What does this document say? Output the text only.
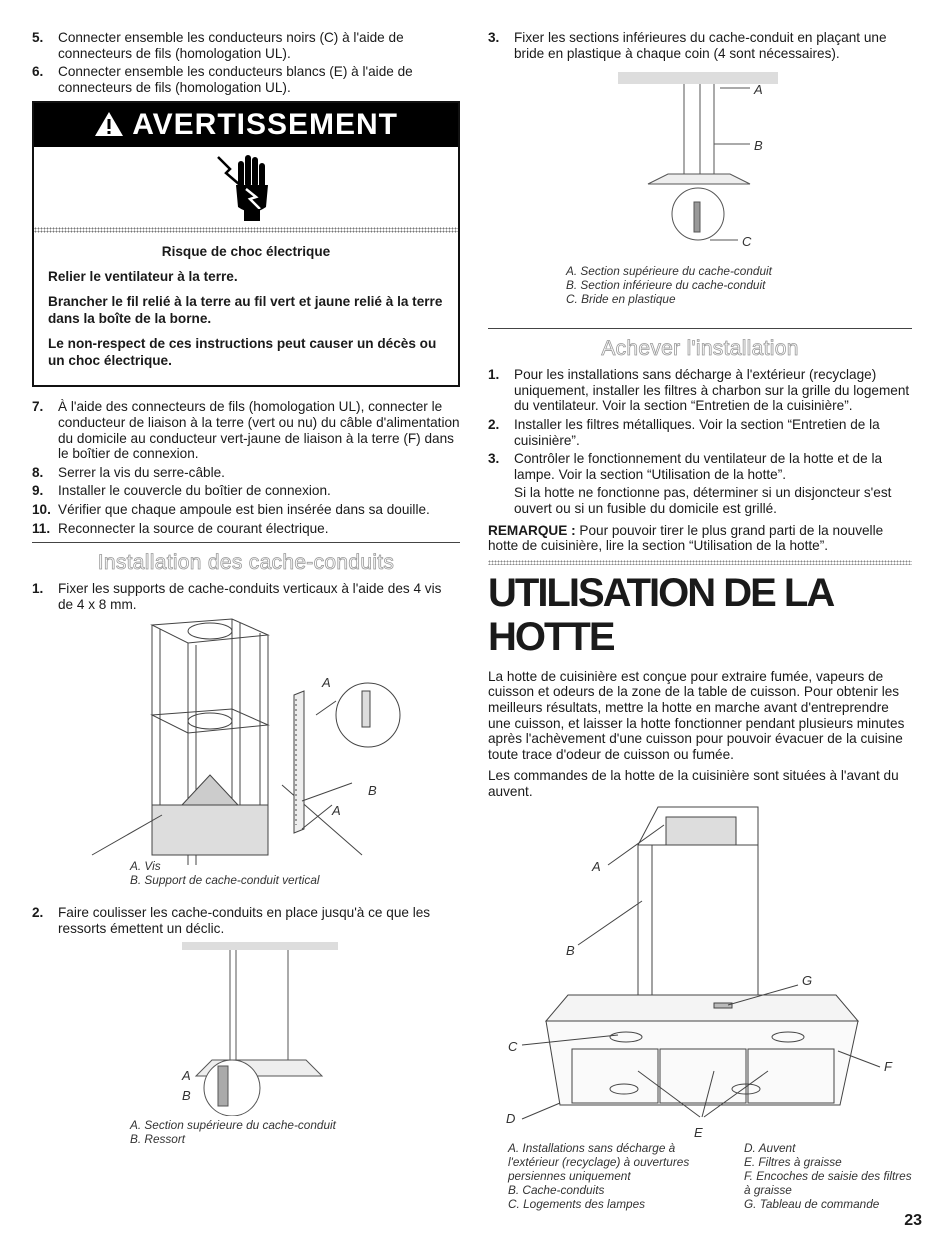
5.	Connecter ensemble les conducteurs noirs (C) à l'aide de connecteurs de fils (homologation UL).
6.	Connecter ensemble les conducteurs blancs (E) à l'aide de connecteurs de fils (homologation UL).
AVERTISSEMENT

Risque de choc électrique

Relier le ventilateur à la terre.

Brancher le fil relié à la terre au fil vert et jaune relié à la terre dans la boîte de la borne.

Le non-respect de ces instructions peut causer un décès ou un choc électrique.

7.	À l'aide des connecteurs de fils (homologation UL), connecter le conducteur de liaison à la terre (vert ou nu) du câble d'alimentation du domicile au conducteur vert-jaune de liaison à la terre (F) dans le boîtier de connexion.
8.	Serrer la vis du serre-câble.
9.	Installer le couvercle du boîtier de connexion.
10. Vérifier que chaque ampoule est bien insérée dans sa douille.
11. Reconnecter la source de courant électrique.
Installation des cache-conduits
1.	Fixer les supports de cache-conduits verticaux à l'aide des 4 vis de 4 x 8 mm.
A
B
A
A. Vis
B. Support de cache-conduit vertical
2.	Faire coulisser les cache-conduits en place jusqu'à ce que les ressorts émettent un déclic.
A
B
A. Section supérieure du cache-conduit
B. Ressort
3.	Fixer les sections inférieures du cache-conduit en plaçant une bride en plastique à chaque coin (4 sont nécessaires).
A
B
C
A. Section supérieure du cache-conduit
B. Section inférieure du cache-conduit
C. Bride en plastique
Achever l'installation
1.	Pour les installations sans décharge à l'extérieur (recyclage) uniquement, installer les filtres à charbon sur la grille du logement du ventilateur. Voir la section “Entretien de la cuisinière”.
2.	Installer les filtres métalliques. Voir la section “Entretien de la cuisinière”.
3.	Contrôler le fonctionnement du ventilateur de la hotte et de la lampe. Voir la section “Utilisation de la hotte”.

Si la hotte ne fonctionne pas, déterminer si un disjoncteur s'est ouvert ou si un fusible du domicile est grillé.

REMARQUE : Pour pouvoir tirer le plus grand parti de la nouvelle hotte de cuisinière, lire la section “Utilisation de la hotte”.

UTILISATION DE LA HOTTE

La hotte de cuisinière est conçue pour extraire fumée, vapeurs de cuisson et odeurs de la zone de la table de cuisson. Pour obtenir les meilleurs résultats, mettre la hotte en marche avant d'entreprendre une cuisson, et laisser la hotte fonctionner pendant plusieurs minutes après l'achèvement d'une cuisson pour pouvoir évacuer de la cuisine toute trace d'odeur de cuisson ou fumée.

Les commandes de la hotte de la cuisinière sont situées à l'avant du auvent.

A
B
G
C
F
D
E
A. Installations sans décharge à l'extérieur (recyclage) à ouvertures persiennes uniquement
B. Cache-conduits
C. Logements des lampes
D. Auvent
E. Filtres à graisse
F. Encoches de saisie des filtres à graisse
G. Tableau de commande
23
